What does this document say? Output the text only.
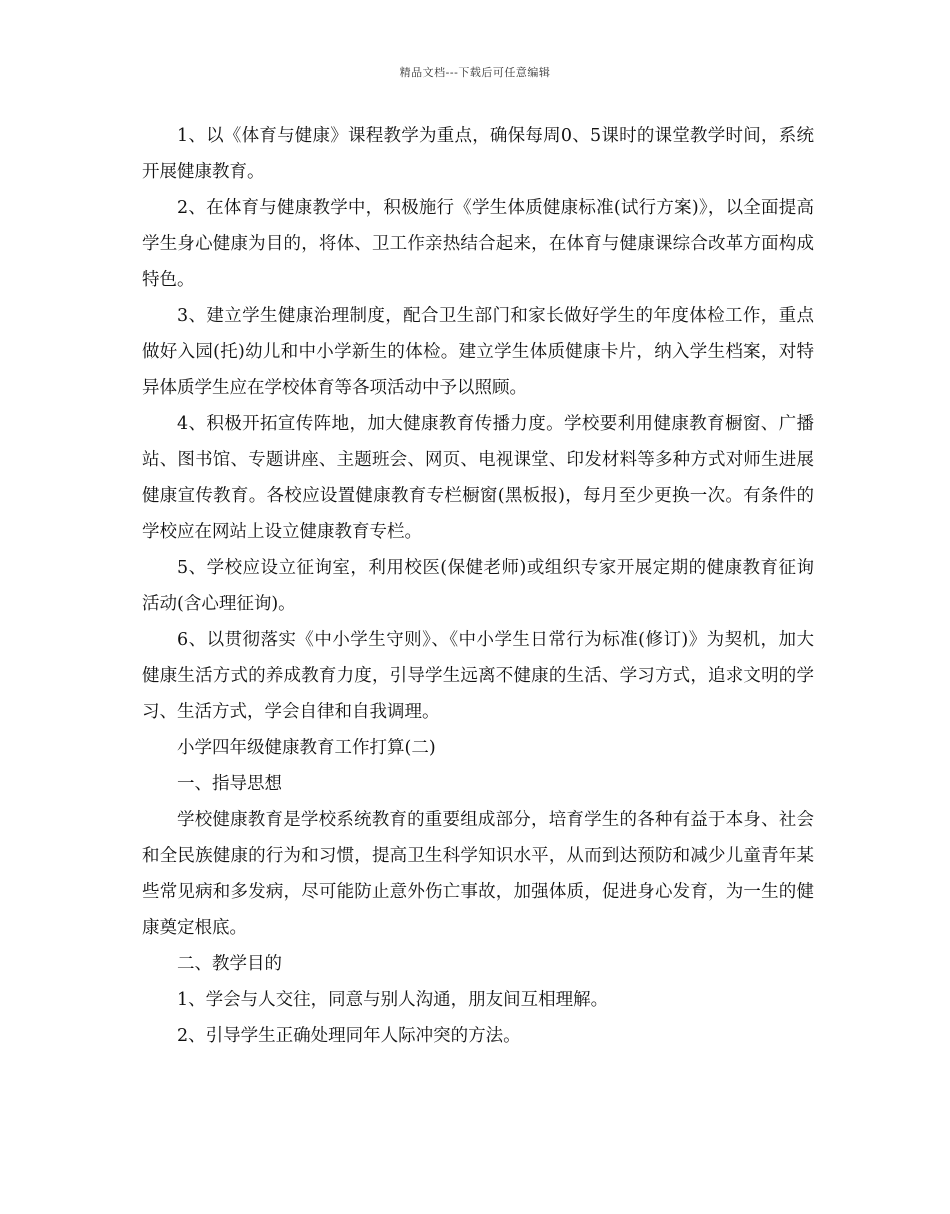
精品文档---下载后可任意编辑

1、以《体育与健康》课程教学为重点，确保每周0、5课时的课堂教学时间，系统开展健康教育。

2、在体育与健康教学中，积极施行《学生体质健康标准(试行方案)》，以全面提高学生身心健康为目的，将体、卫工作亲热结合起来，在体育与健康课综合改革方面构成特色。

3、建立学生健康治理制度，配合卫生部门和家长做好学生的年度体检工作，重点做好入园(托)幼儿和中小学新生的体检。建立学生体质健康卡片，纳入学生档案，对特异体质学生应在学校体育等各项活动中予以照顾。

4、积极开拓宣传阵地，加大健康教育传播力度。学校要利用健康教育橱窗、广播站、图书馆、专题讲座、主题班会、网页、电视课堂、印发材料等多种方式对师生进展健康宣传教育。各校应设置健康教育专栏橱窗(黑板报)，每月至少更换一次。有条件的学校应在网站上设立健康教育专栏。

5、学校应设立征询室，利用校医(保健老师)或组织专家开展定期的健康教育征询活动(含心理征询)。

6、以贯彻落实《中小学生守则》、《中小学生日常行为标准(修订)》为契机，加大健康生活方式的养成教育力度，引导学生远离不健康的生活、学习方式，追求文明的学习、生活方式，学会自律和自我调理。

小学四年级健康教育工作打算(二)

一、指导思想

学校健康教育是学校系统教育的重要组成部分，培育学生的各种有益于本身、社会和全民族健康的行为和习惯，提高卫生科学知识水平，从而到达预防和减少儿童青年某些常见病和多发病，尽可能防止意外伤亡事故，加强体质，促进身心发育，为一生的健康奠定根底。

二、教学目的

1、学会与人交往，同意与别人沟通，朋友间互相理解。

2、引导学生正确处理同年人际冲突的方法。
